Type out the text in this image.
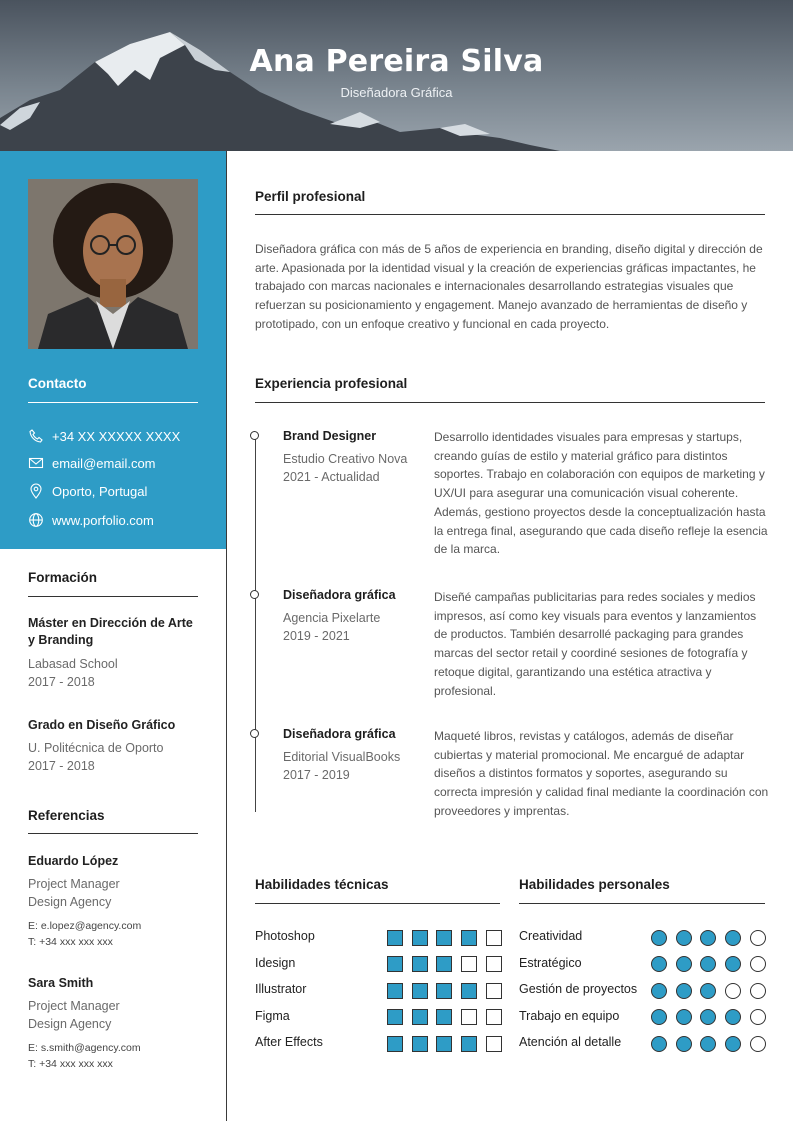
Ana Pereira Silva
Diseñadora Gráfica
Contacto
+34 XX XXXXX XXXX
email@email.com
Oporto, Portugal
www.porfolio.com
Formación
Máster en Dirección de Arte y Branding
Labasad School
2017 - 2018
Grado en Diseño Gráfico
U. Politécnica de Oporto
2017 - 2018
Referencias
Eduardo López
Project Manager
Design Agency
E: e.lopez@agency.com
T: +34 xxx xxx xxx
Sara Smith
Project Manager
Design Agency
E: s.smith@agency.com
T: +34 xxx xxx xxx
Perfil profesional
Diseñadora gráfica con más de 5 años de experiencia en branding, diseño digital y dirección de arte. Apasionada por la identidad visual y la creación de experiencias gráficas impactantes, he trabajado con marcas nacionales e internacionales desarrollando estrategias visuales que refuerzan su posicionamiento y engagement. Manejo avanzado de herramientas de diseño y prototipado, con un enfoque creativo y funcional en cada proyecto.
Experiencia profesional
Brand Designer
Estudio Creativo Nova
2021 - Actualidad
Desarrollo identidades visuales para empresas y startups, creando guías de estilo y material gráfico para distintos soportes. Trabajo en colaboración con equipos de marketing y UX/UI para asegurar una comunicación visual coherente. Además, gestiono proyectos desde la conceptualización hasta la entrega final, asegurando que cada diseño refleje la esencia de la marca.
Diseñadora gráfica
Agencia Pixelarte
2019 - 2021
Diseñé campañas publicitarias para redes sociales y medios impresos, así como key visuals para eventos y lanzamientos de productos. También desarrollé packaging para grandes marcas del sector retail y coordiné sesiones de fotografía y retoque digital, garantizando una estética atractiva y profesional.
Diseñadora gráfica
Editorial VisualBooks
2017 - 2019
Maqueté libros, revistas y catálogos, además de diseñar cubiertas y material promocional. Me encargué de adaptar diseños a distintos formatos y soportes, asegurando su correcta impresión y calidad final mediante la coordinación con proveedores y imprentas.
Habilidades técnicas	Habilidades personales
Photoshop
Idesign
Illustrator
Figma
After Effects
Creatividad
Estratégico
Gestión de proyectos
Trabajo en equipo
Atención al detalle
